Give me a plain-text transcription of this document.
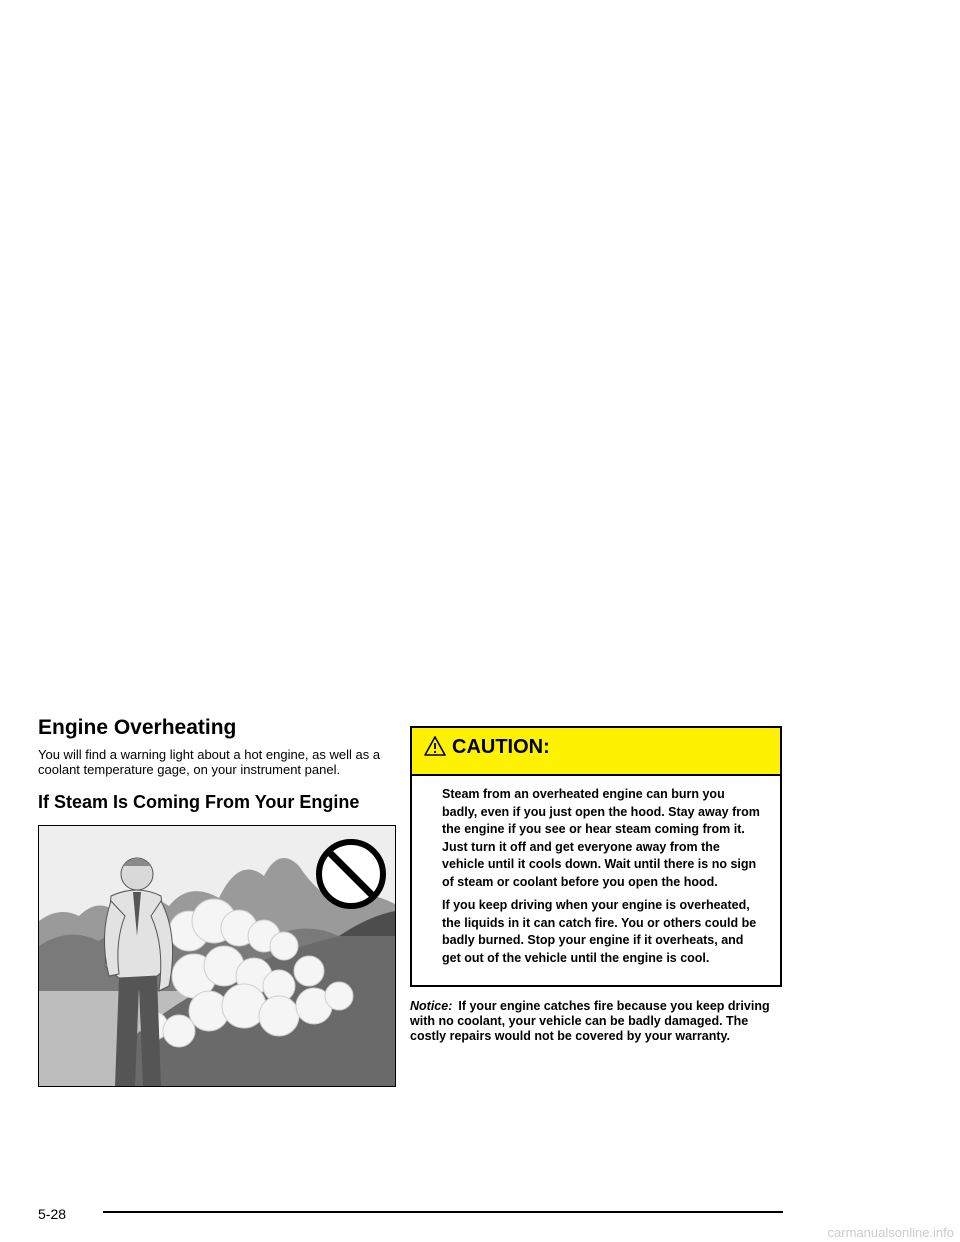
Engine Overheating

You will find a warning light about a hot engine, as well as a coolant temperature gage, on your instrument panel.

If Steam Is Coming From Your Engine
CAUTION:

Steam from an overheated engine can burn you badly, even if you just open the hood. Stay away from the engine if you see or hear steam coming from it. Just turn it off and get everyone away from the vehicle until it cools down. Wait until there is no sign of steam or coolant before you open the hood.

If you keep driving when your engine is overheated, the liquids in it can catch fire. You or others could be badly burned. Stop your engine if it overheats, and get out of the vehicle until the engine is cool.

Notice: If your engine catches fire because you keep driving with no coolant, your vehicle can be badly damaged. The costly repairs would not be covered by your warranty.
5-28
carmanualsonline.info
